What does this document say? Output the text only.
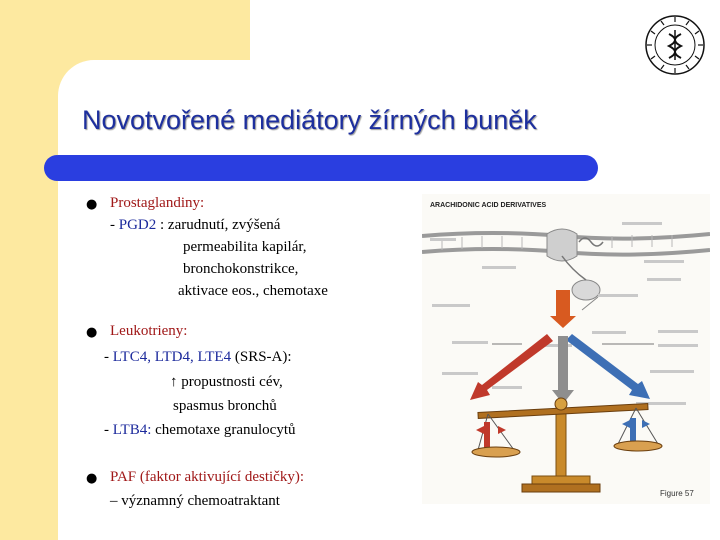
Novotvořené mediátory žírných buněk
● Prostaglandiny:
- PGD2 : zarudnutí, zvýšená
permeabilita kapilár,
bronchokonstrikce,
aktivace eos., chemotaxe
● Leukotrieny:
- LTC4, LTD4, LTE4 (SRS-A):
↑ propustnosti cév,
spasmus bronchů
- LTB4: chemotaxe granulocytů
● PAF (faktor aktivující destičky):
– významný chemoatraktant
ARACHIDONIC ACID DERIVATIVES
Figure 57
